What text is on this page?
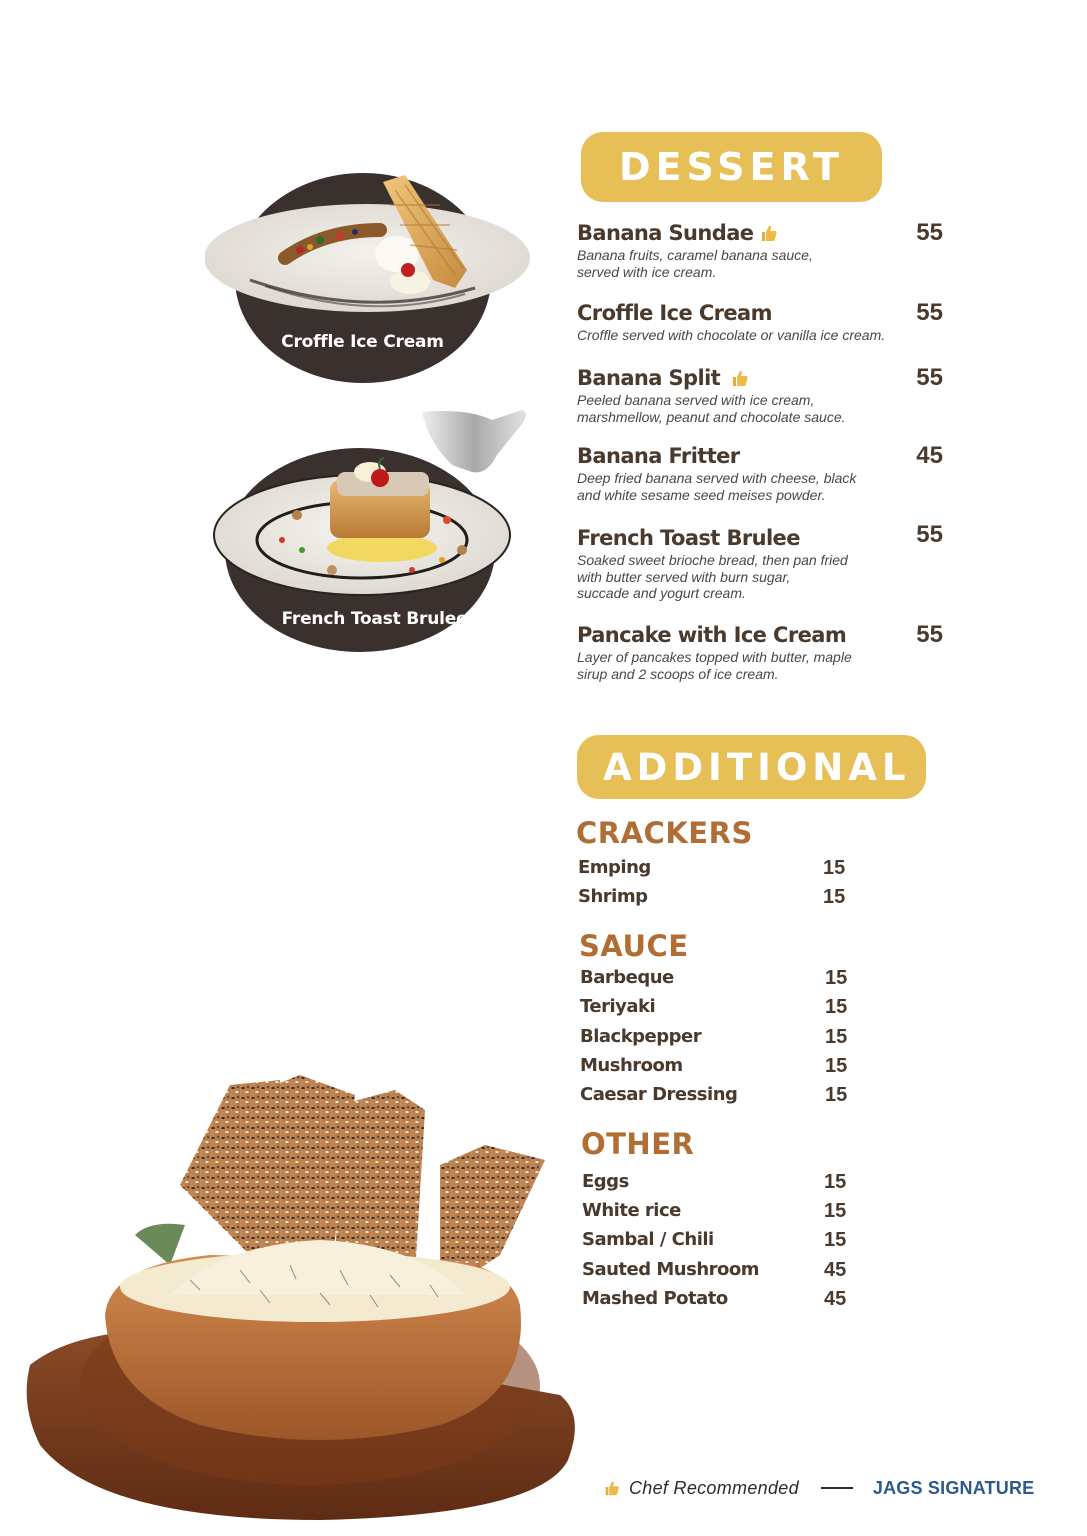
Croffle Ice Cream
French Toast Brulee
DESSERT
Banana Sundae
Banana fruits, caramel banana sauce,
served with ice cream.
55
Croffle Ice Cream
Croffle served with chocolate or vanilla ice cream.
55
Banana Split
Peeled banana served with ice cream,
marshmellow, peanut and chocolate sauce.
55
Banana Fritter
Deep fried banana served with cheese, black
and white sesame seed meises powder.
45
French Toast Brulee
Soaked sweet brioche bread, then pan fried
with butter served with burn sugar,
succade and yogurt cream.
55
Pancake with Ice Cream
Layer of pancakes topped with butter, maple
sirup and 2 scoops of ice cream.
55
ADDITIONAL
CRACKERS
Emping	15
Shrimp	15
SAUCE
Barbeque	15
Teriyaki	15
Blackpepper	15
Mushroom	15
Caesar Dressing	15
OTHER
Eggs	15
White rice	15
Sambal / Chili	15
Sauted Mushroom	45
Mashed Potato	45
Chef Recommended	JAGS SIGNATURE
